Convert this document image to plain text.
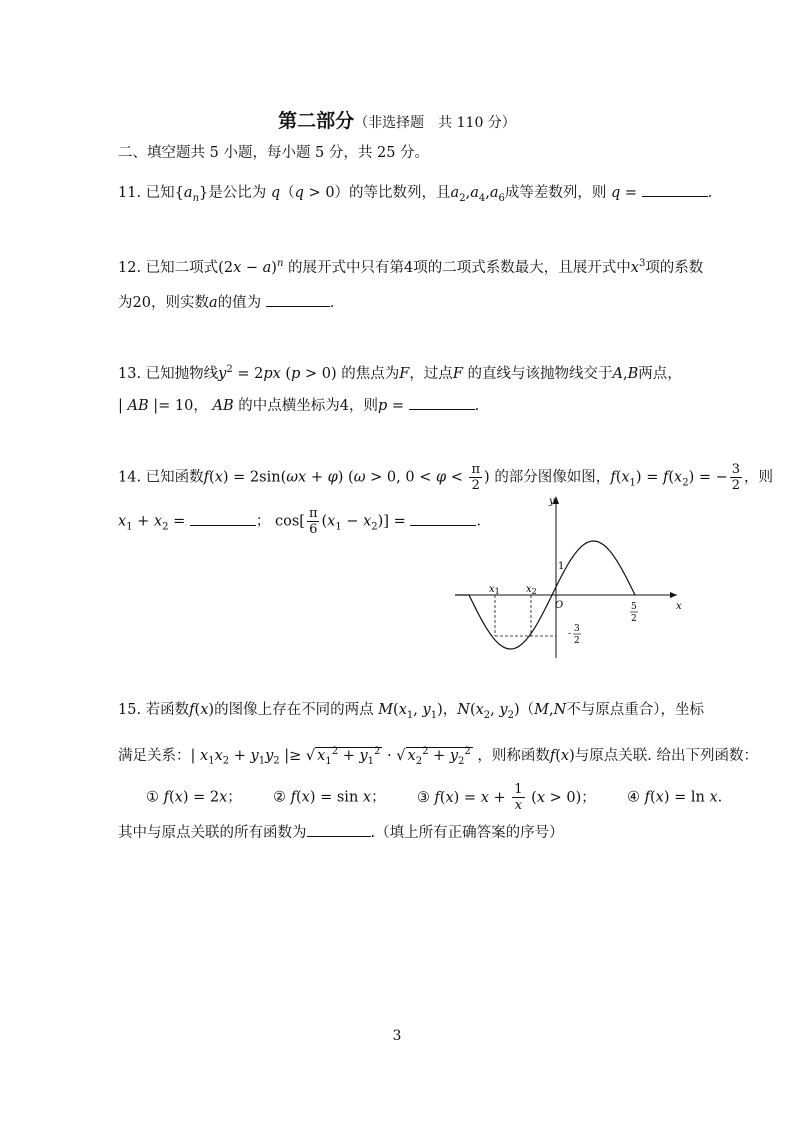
第二部分（非选择题　共 110 分）
二、填空题共 5 小题，每小题 5 分，共 25 分。
11. 已知$\{a_n\}$是公比为 q（q > 0）的等比数列，且$a_2,a_4,a_6$成等差数列，则 q =	.
12. 已知二项式$(2x - a)^n$ 的展开式中只有第4项的二项式系数最大，且展开式中$x^3$项的系数
为20，则实数a的值为	.
13. 已知抛物线$y^2 = 2px$ (p > 0) 的焦点为F，过点F 的直线与该抛物线交于A,B两点，
| AB |= 10， AB 的中点横坐标为4，则p =	.
14. 已知函数f(x) = 2sin(ωx + φ) (ω > 0, $0 < \varphi < \frac{\pi}{2}$ ) 的部分图像如图，$f(x_1) = f(x_2)$ = − $\frac{3}{2}$ ，则
$x_1 + x_2$ =	； $\cos[ \frac{\pi}{6} (x_1 - x_2)]$ =	.
y
x
O
1
$x_1$	$x_2$
5
2
- 3
2
15. 若函数f(x)的图像上存在不同的两点 $M(x_1$, $y_1$)，$N(x_2$, $y_2)(M,N$不与原点重合），坐标
满足关系：| $x_1x_2 + y_1y_2$ |≥ √ $x_1^2 + y_1^2$ · √ $x_2^2 + y_2^2$ ，则称函数f(x)与原点关联. 给出下列函数：
① f(x) = 2x； ② f(x) = sin x； ③ $f(x) = x + \frac{1}{x} (x > 0)$； ④ f(x) = ln x.
其中与原点关联的所有函数为	.（填上所有正确答案的序号）
3
